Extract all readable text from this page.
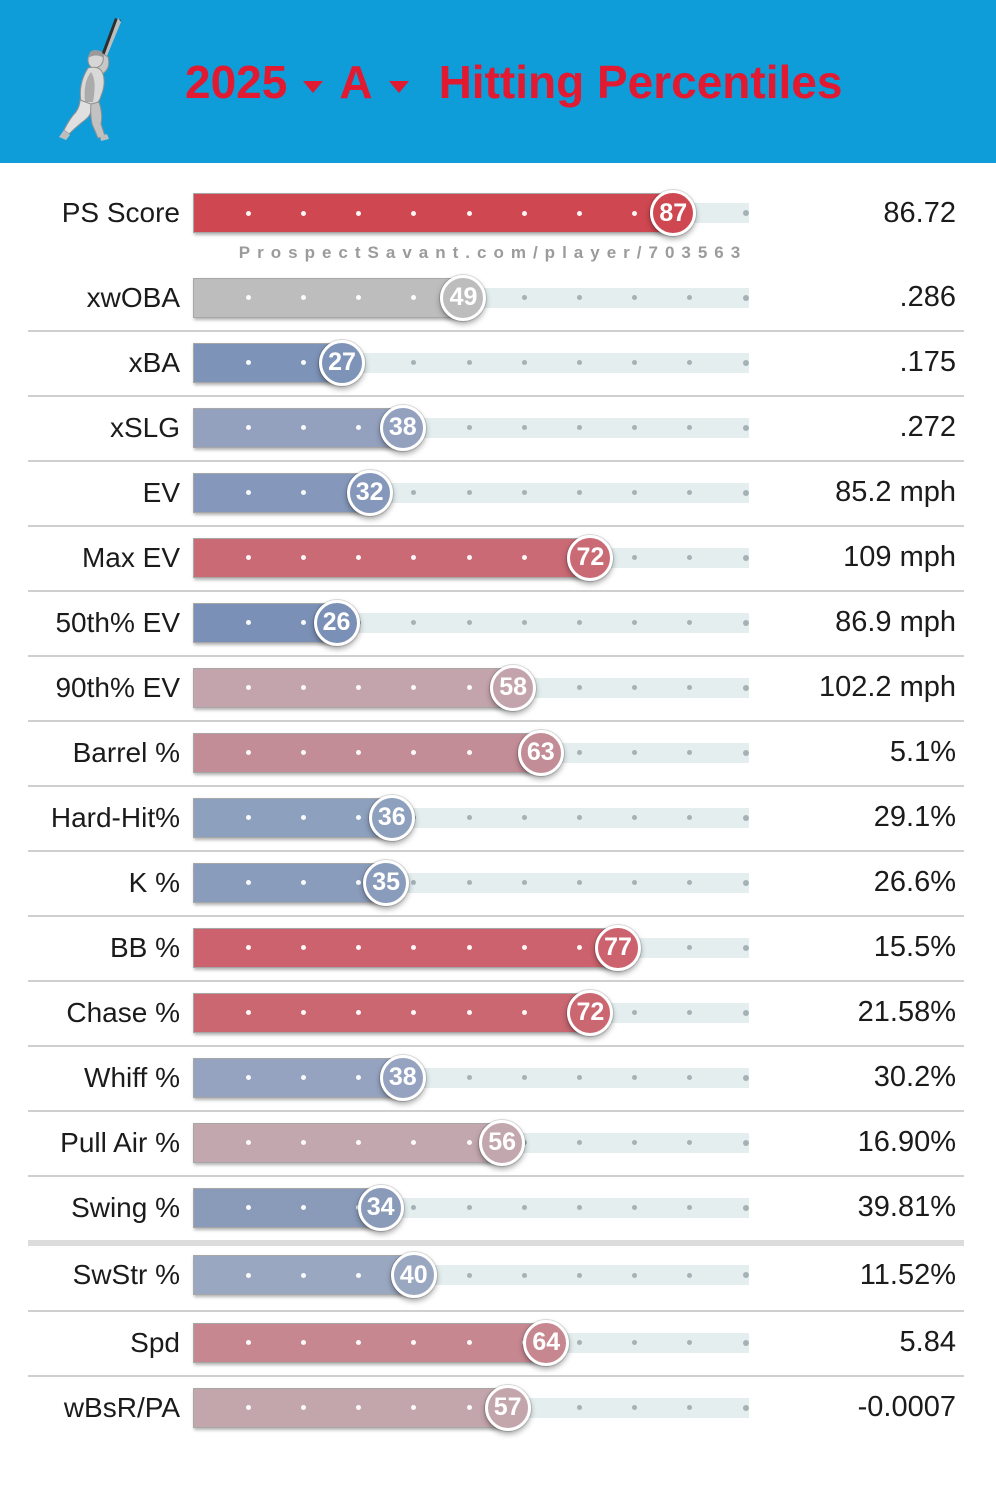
2025 A Hitting Percentiles
PS Score	87	86.72
ProspectSavant.com/player/703563
xwOBA	49	.286
xBA	27	.175
xSLG	38	.272
EV	32	85.2 mph
Max EV	72	109 mph
50th% EV	26	86.9 mph
90th% EV	58	102.2 mph
Barrel %	63	5.1%
Hard-Hit%	36	29.1%
K %	35	26.6%
BB %	77	15.5%
Chase %	72	21.58%
Whiff %	38	30.2%
Pull Air %	56	16.90%
Swing %	34	39.81%
SwStr %	40	11.52%
Spd	64	5.84
wBsR/PA	57	-0.0007
